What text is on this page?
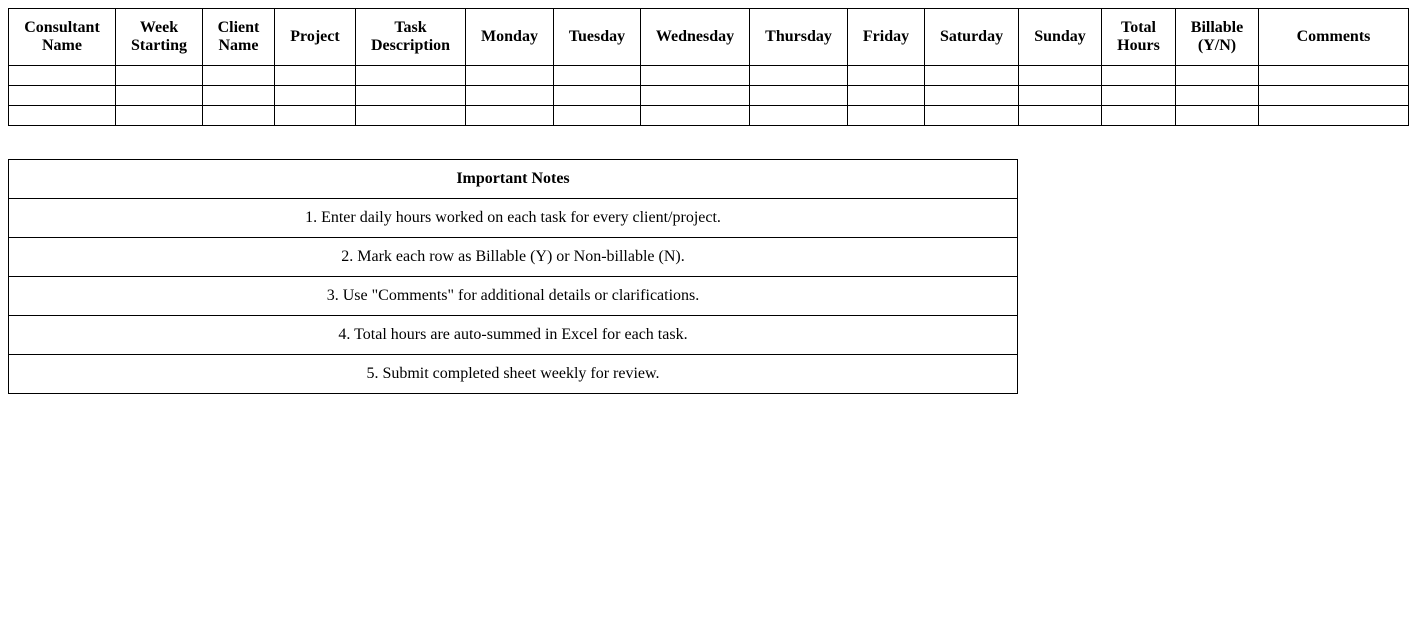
Consultant Name	Week Starting	Client Name	Project	Task Description	Monday	Tuesday	Wednesday	Thursday	Friday	Saturday	Sunday	Total Hours	Billable (Y/N)	Comments

Important Notes
1. Enter daily hours worked on each task for every client/project.
2. Mark each row as Billable (Y) or Non-billable (N).
3. Use "Comments" for additional details or clarifications.
4. Total hours are auto-summed in Excel for each task.
5. Submit completed sheet weekly for review.
